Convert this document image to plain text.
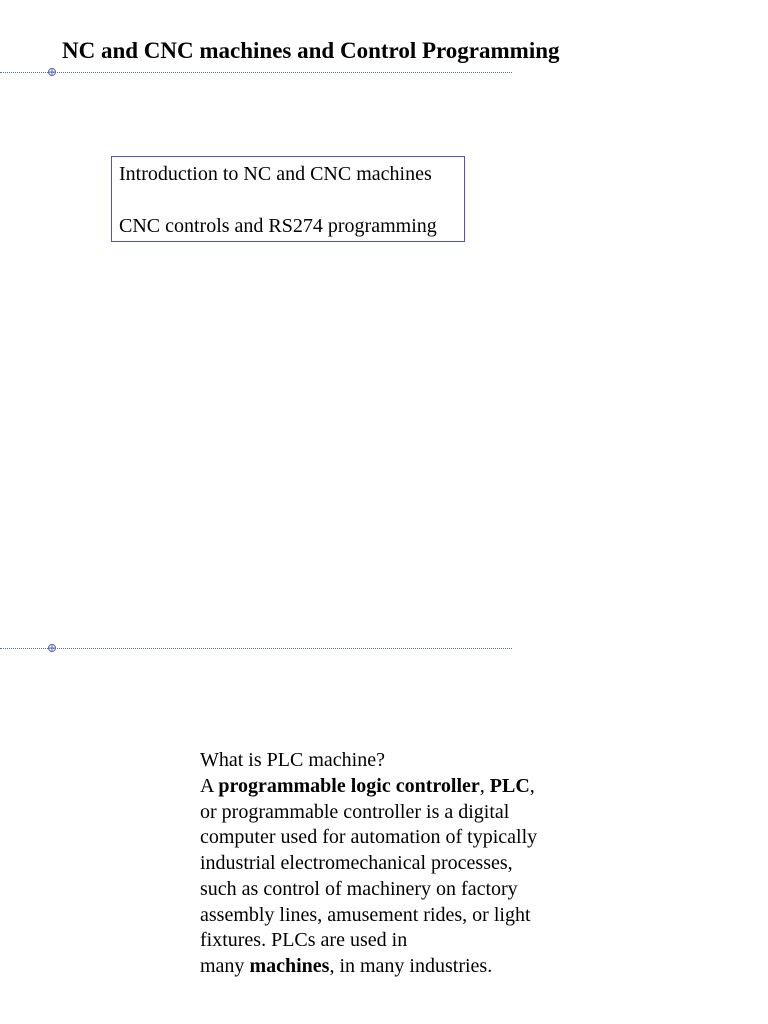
NC and CNC machines and Control Programming
Introduction to NC and CNC machines
CNC controls and RS274 programming
What is PLC machine?
A programmable logic controller, PLC,
or programmable controller is a digital
computer used for automation of typically
industrial electromechanical processes,
such as control of machinery on factory
assembly lines, amusement rides, or light
fixtures. PLCs are used in
many machines, in many industries.
